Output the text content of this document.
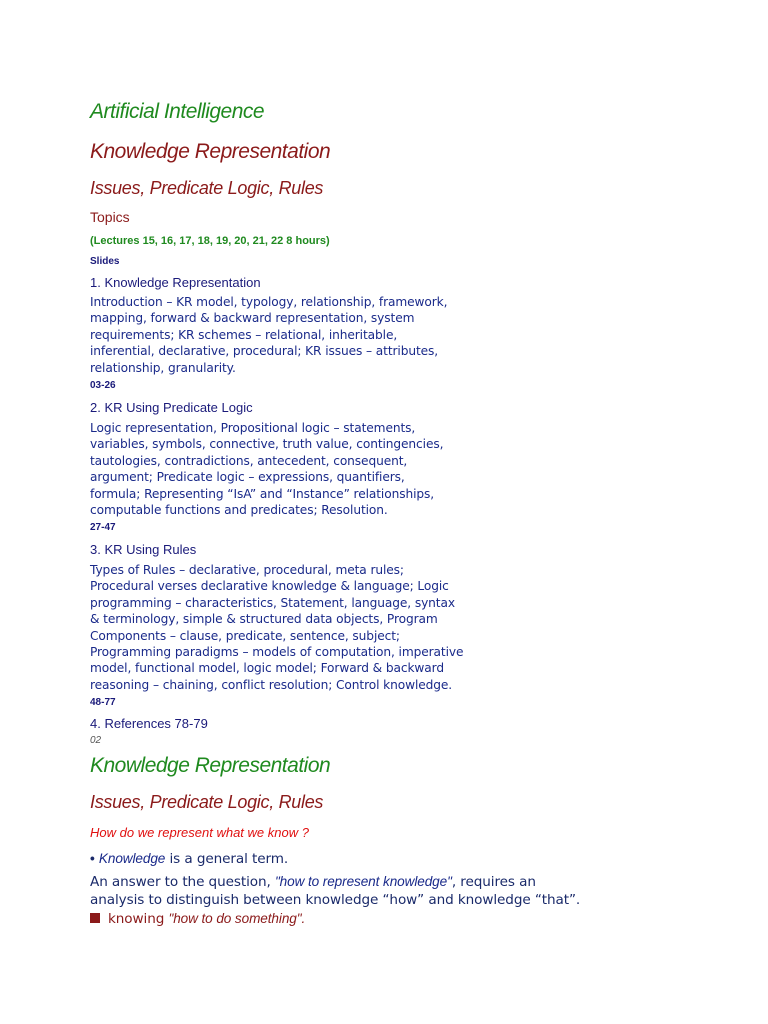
Artificial Intelligence
Knowledge Representation
Issues, Predicate Logic, Rules
Topics
(Lectures 15, 16, 17, 18, 19, 20, 21, 22 8 hours)
Slides
1. Knowledge Representation
Introduction – KR model, typology, relationship, framework,
mapping, forward & backward representation, system
requirements; KR schemes – relational, inheritable,
inferential, declarative, procedural; KR issues – attributes,
relationship, granularity.
03-26
2. KR Using Predicate Logic
Logic representation, Propositional logic – statements,
variables, symbols, connective, truth value, contingencies,
tautologies, contradictions, antecedent, consequent,
argument; Predicate logic – expressions, quantifiers,
formula; Representing “IsA” and “Instance” relationships,
computable functions and predicates; Resolution.
27-47
3. KR Using Rules
Types of Rules – declarative, procedural, meta rules;
Procedural verses declarative knowledge & language; Logic
programming – characteristics, Statement, language, syntax
& terminology, simple & structured data objects, Program
Components – clause, predicate, sentence, subject;
Programming paradigms – models of computation, imperative
model, functional model, logic model; Forward & backward
reasoning – chaining, conflict resolution; Control knowledge.
48-77
4. References 78-79
02
Knowledge Representation
Issues, Predicate Logic, Rules
How do we represent what we know ?
• Knowledge is a general term.
An answer to the question, "how to represent knowledge", requires an
analysis to distinguish between knowledge “how” and knowledge “that”.
knowing "how to do something".
